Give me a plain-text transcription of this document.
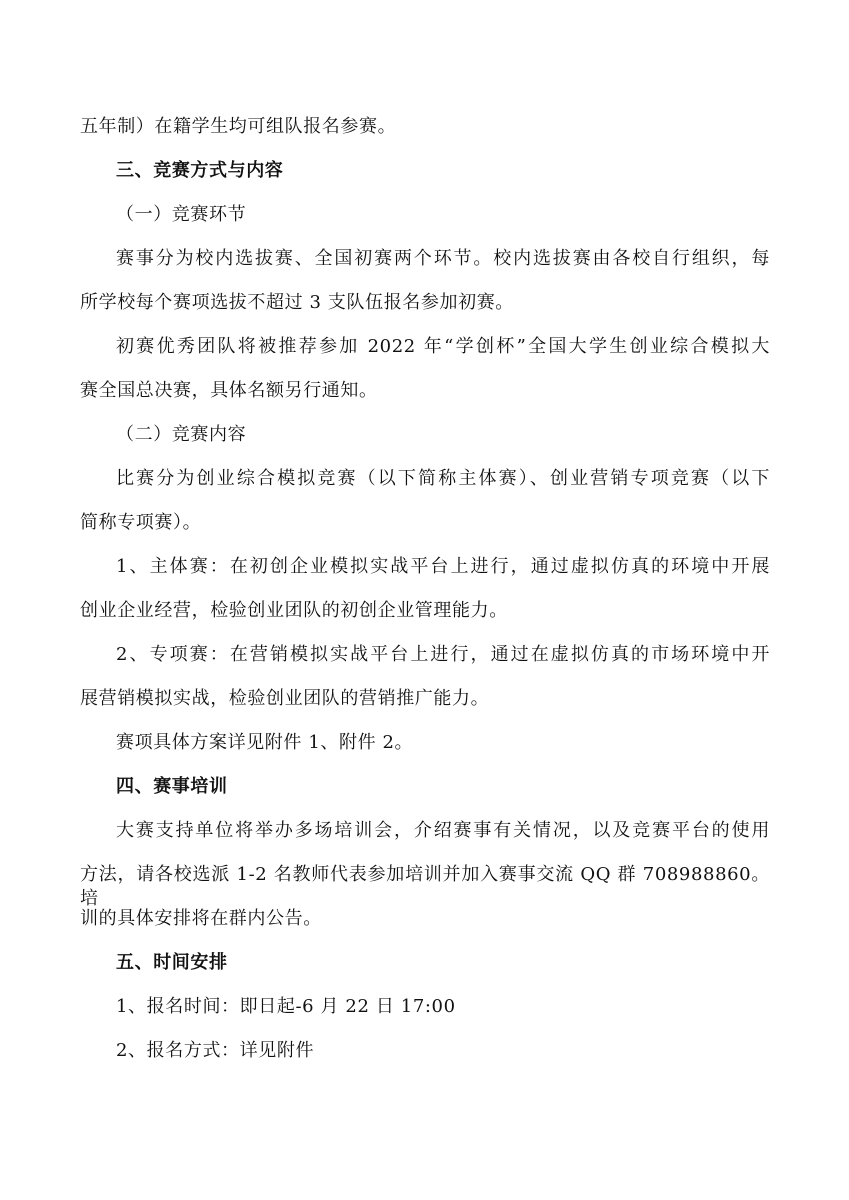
五年制）在籍学生均可组队报名参赛。
三、竞赛方式与内容
（一）竞赛环节
赛事分为校内选拔赛、全国初赛两个环节。校内选拔赛由各校自行组织，每
所学校每个赛项选拔不超过 3 支队伍报名参加初赛。
初赛优秀团队将被推荐参加 2022 年“学创杯”全国大学生创业综合模拟大
赛全国总决赛，具体名额另行通知。
（二）竞赛内容
比赛分为创业综合模拟竞赛（以下简称主体赛）、创业营销专项竞赛（以下
简称专项赛）。
1、主体赛：在初创企业模拟实战平台上进行，通过虚拟仿真的环境中开展
创业企业经营，检验创业团队的初创企业管理能力。
2、专项赛：在营销模拟实战平台上进行，通过在虚拟仿真的市场环境中开
展营销模拟实战，检验创业团队的营销推广能力。
赛项具体方案详见附件 1、附件 2。
四、赛事培训
大赛支持单位将举办多场培训会，介绍赛事有关情况，以及竞赛平台的使用
方法，请各校选派 1-2 名教师代表参加培训并加入赛事交流 QQ 群 708988860。培
训的具体安排将在群内公告。
五、时间安排
1、报名时间：即日起-6 月 22 日 17:00
2、报名方式：详见附件
